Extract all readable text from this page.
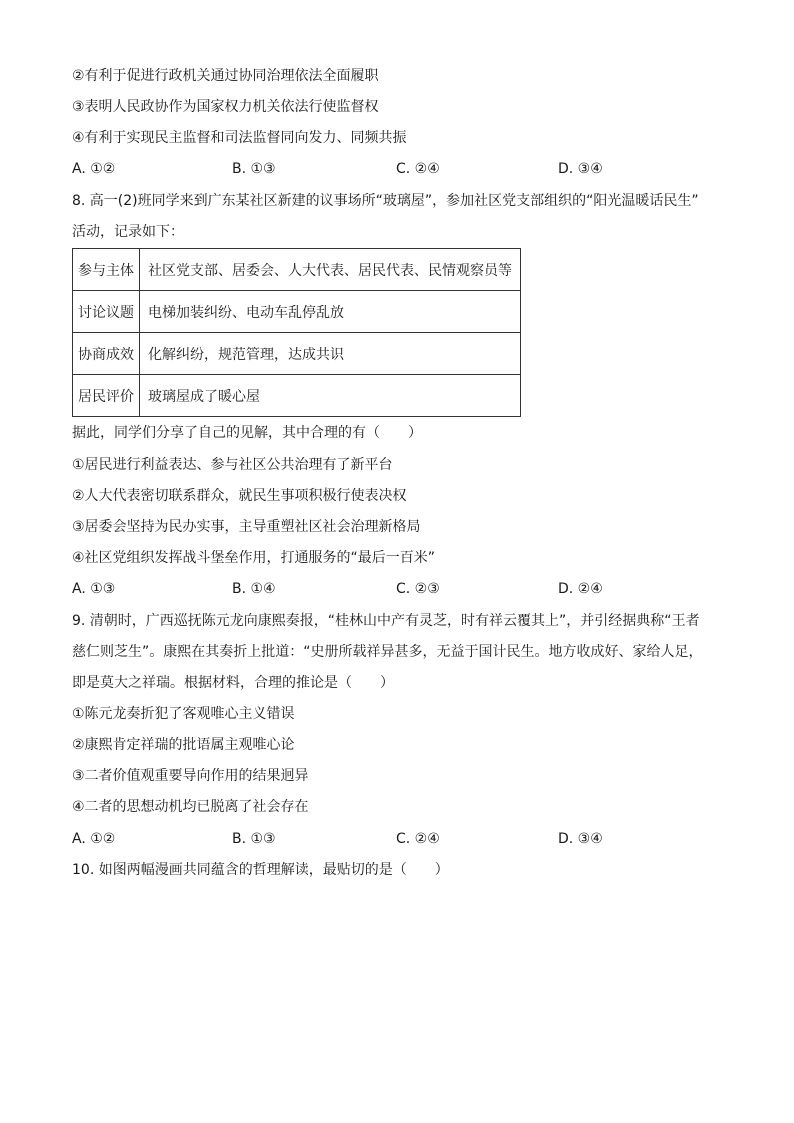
②有利于促进行政机关通过协同治理依法全面履职
③表明人民政协作为国家权力机关依法行使监督权
④有利于实现民主监督和司法监督同向发力、同频共振
A. ①②	B. ①③	C. ②④	D. ③④
8. 高一(2)班同学来到广东某社区新建的议事场所“玻璃屋”，参加社区党支部组织的“阳光温暖话民生”
活动，记录如下：
参与主体	社区党支部、居委会、人大代表、居民代表、民情观察员等
讨论议题	电梯加装纠纷、电动车乱停乱放
协商成效	化解纠纷，规范管理，达成共识
居民评价	玻璃屋成了暖心屋
据此，同学们分享了自己的见解，其中合理的有（　　）
①居民进行利益表达、参与社区公共治理有了新平台
②人大代表密切联系群众，就民生事项积极行使表决权
③居委会坚持为民办实事，主导重塑社区社会治理新格局
④社区党组织发挥战斗堡垒作用，打通服务的“最后一百米”
A. ①③	B. ①④	C. ②③	D. ②④
9. 清朝时，广西巡抚陈元龙向康熙奏报，“桂林山中产有灵芝，时有祥云覆其上”，并引经据典称“王者
慈仁则芝生”。康熙在其奏折上批道：“史册所载祥异甚多，无益于国计民生。地方收成好、家给人足，
即是莫大之祥瑞。根据材料，合理的推论是（　　）
①陈元龙奏折犯了客观唯心主义错误
②康熙肯定祥瑞的批语属主观唯心论
③二者价值观重要导向作用的结果迥异
④二者的思想动机均已脱离了社会存在
A. ①②	B. ①③	C. ②④	D. ③④
10. 如图两幅漫画共同蕴含的哲理解读，最贴切的是（　　）
